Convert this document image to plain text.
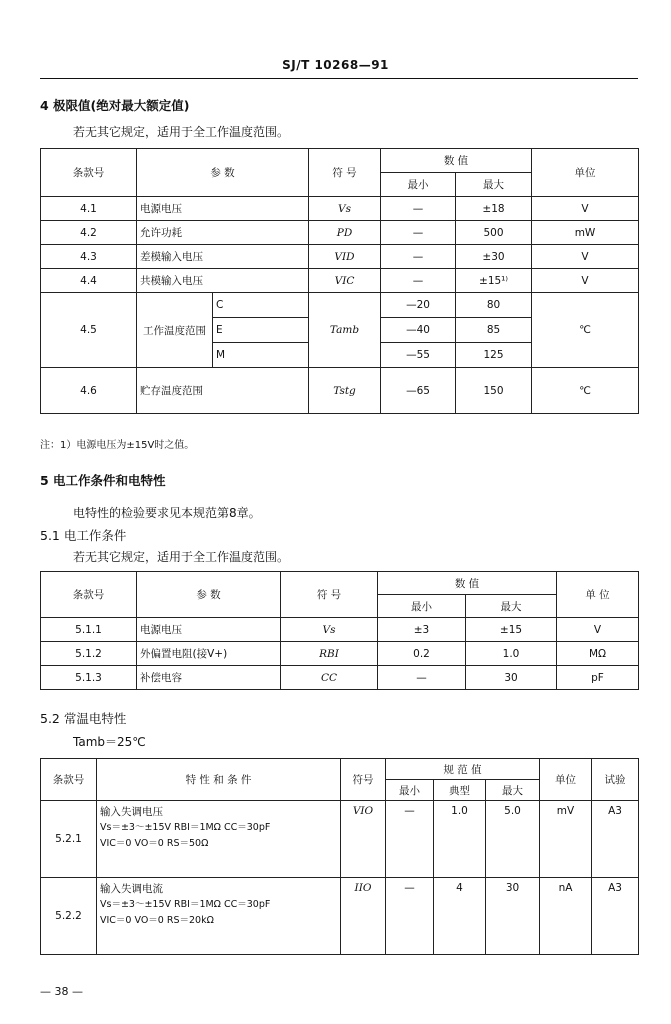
SJ/T 10268—91
4 极限值(绝对最大额定值)
若无其它规定，适用于全工作温度范围。
条款号	参 数		符 号	数 值		单位
				最小	最大	
4.1	电源电压		Vs	—	±18	V
4.2	允许功耗		PD	—	500	mW
4.3	差模输入电压		VID	—	±30	V
4.4	共模输入电压		VIC	—	±15¹⁾	V
4.5	工作温度范围	C	Tamb	—20	80	℃
		E		—40	85	
		M		—55	125	
4.6	贮存温度范围		Tstg	—65	150	℃
注：1）电源电压为±15V时之值。
5 电工作条件和电特性
电特性的检验要求见本规范第8章。
5.1 电工作条件
若无其它规定，适用于全工作温度范围。
条款号	参 数	符 号	数 值		单 位
			最小	最大	
5.1.1	电源电压	Vs	±3	±15	V
5.1.2	外偏置电阻(接V+)	RBI	0.2	1.0	MΩ
5.1.3	补偿电容	CC	—	30	pF
5.2 常温电特性
Tamb＝25℃
条款号	特 性 和 条 件	符号	规 范 值			单位	试验
			最小	典型	最大		
5.2.1	输入失调电压
Vs＝±3～±15V RBI＝1MΩ CC＝30pF
VIC＝0 VO＝0 RS＝50Ω	VIO	—	1.0	5.0	mV	A3
5.2.2	输入失调电流
Vs＝±3～±15V RBI＝1MΩ CC＝30pF
VIC＝0 VO＝0 RS＝20kΩ	IIO	—	4	30	nA	A3
— 38 —
